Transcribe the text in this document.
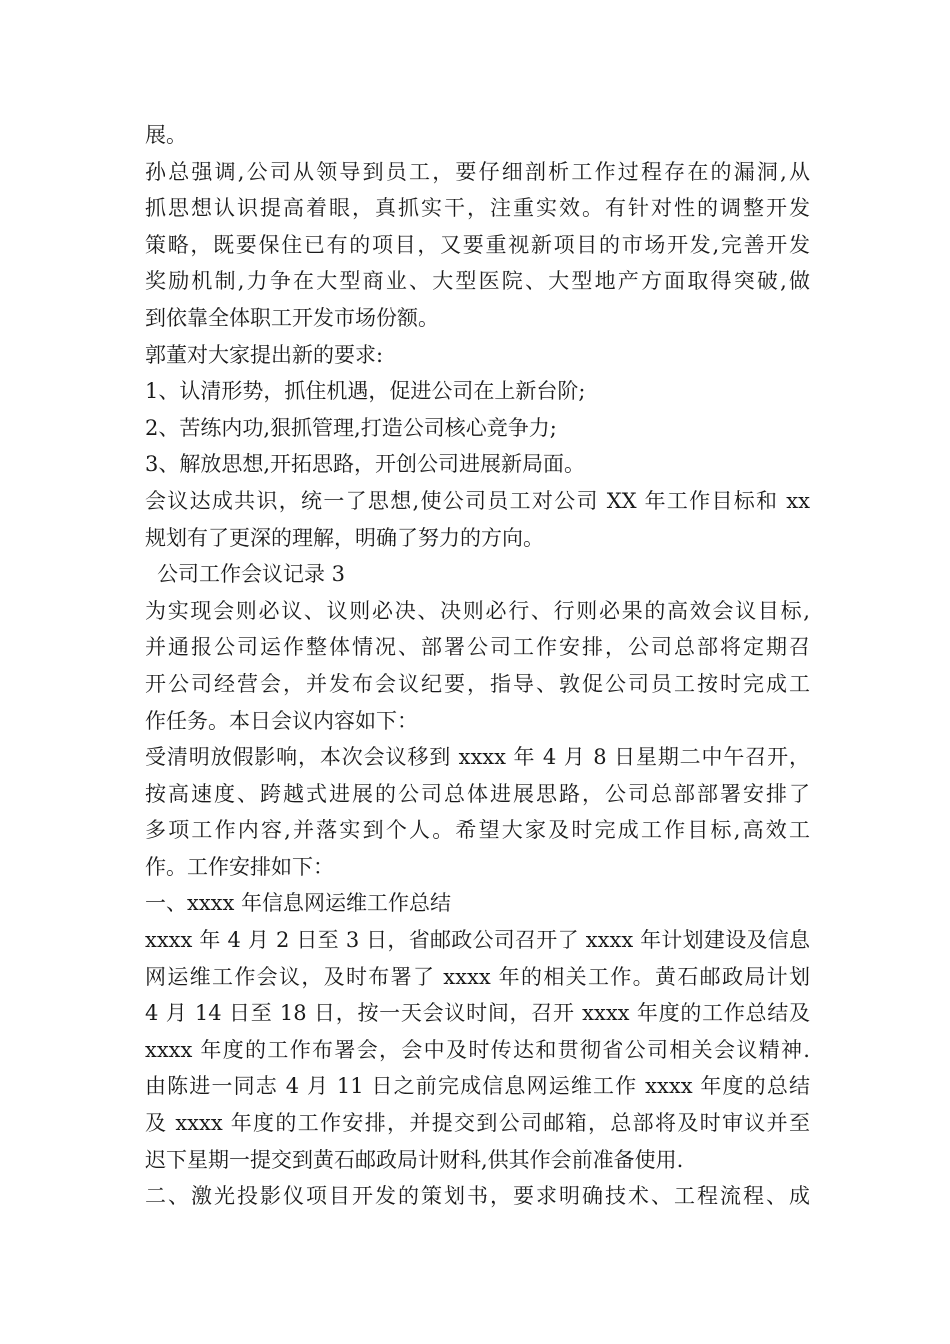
展。
孙总强调,公司从领导到员工，要仔细剖析工作过程存在的漏洞,从
抓思想认识提高着眼，真抓实干，注重实效。有针对性的调整开发
策略，既要保住已有的项目，又要重视新项目的市场开发,完善开发
奖励机制,力争在大型商业、大型医院、大型地产方面取得突破,做
到依靠全体职工开发市场份额。
郭董对大家提出新的要求:
1、认清形势，抓住机遇，促进公司在上新台阶;
2、苦练内功,狠抓管理,打造公司核心竞争力;
3、解放思想,开拓思路，开创公司进展新局面。
会议达成共识，统一了思想,使公司员工对公司 XX 年工作目标和 xx
规划有了更深的理解，明确了努力的方向。
公司工作会议记录 3
为实现会则必议、议则必决、决则必行、行则必果的高效会议目标,
并通报公司运作整体情况、部署公司工作安排，公司总部将定期召
开公司经营会，并发布会议纪要，指导、敦促公司员工按时完成工
作任务。本日会议内容如下：
受清明放假影响，本次会议移到 xxxx 年 4 月 8 日星期二中午召开，
按高速度、跨越式进展的公司总体进展思路，公司总部部署安排了
多项工作内容,并落实到个人。希望大家及时完成工作目标,高效工
作。工作安排如下：
一、xxxx 年信息网运维工作总结
xxxx 年 4 月 2 日至 3 日，省邮政公司召开了 xxxx 年计划建设及信息
网运维工作会议，及时布署了 xxxx 年的相关工作。黄石邮政局计划
4 月 14 日至 18 日，按一天会议时间，召开 xxxx 年度的工作总结及
xxxx 年度的工作布署会，会中及时传达和贯彻省公司相关会议精神.
由陈进一同志 4 月 11 日之前完成信息网运维工作 xxxx 年度的总结
及 xxxx 年度的工作安排，并提交到公司邮箱，总部将及时审议并至
迟下星期一提交到黄石邮政局计财科,供其作会前准备使用.
二、激光投影仪项目开发的策划书，要求明确技术、工程流程、成
